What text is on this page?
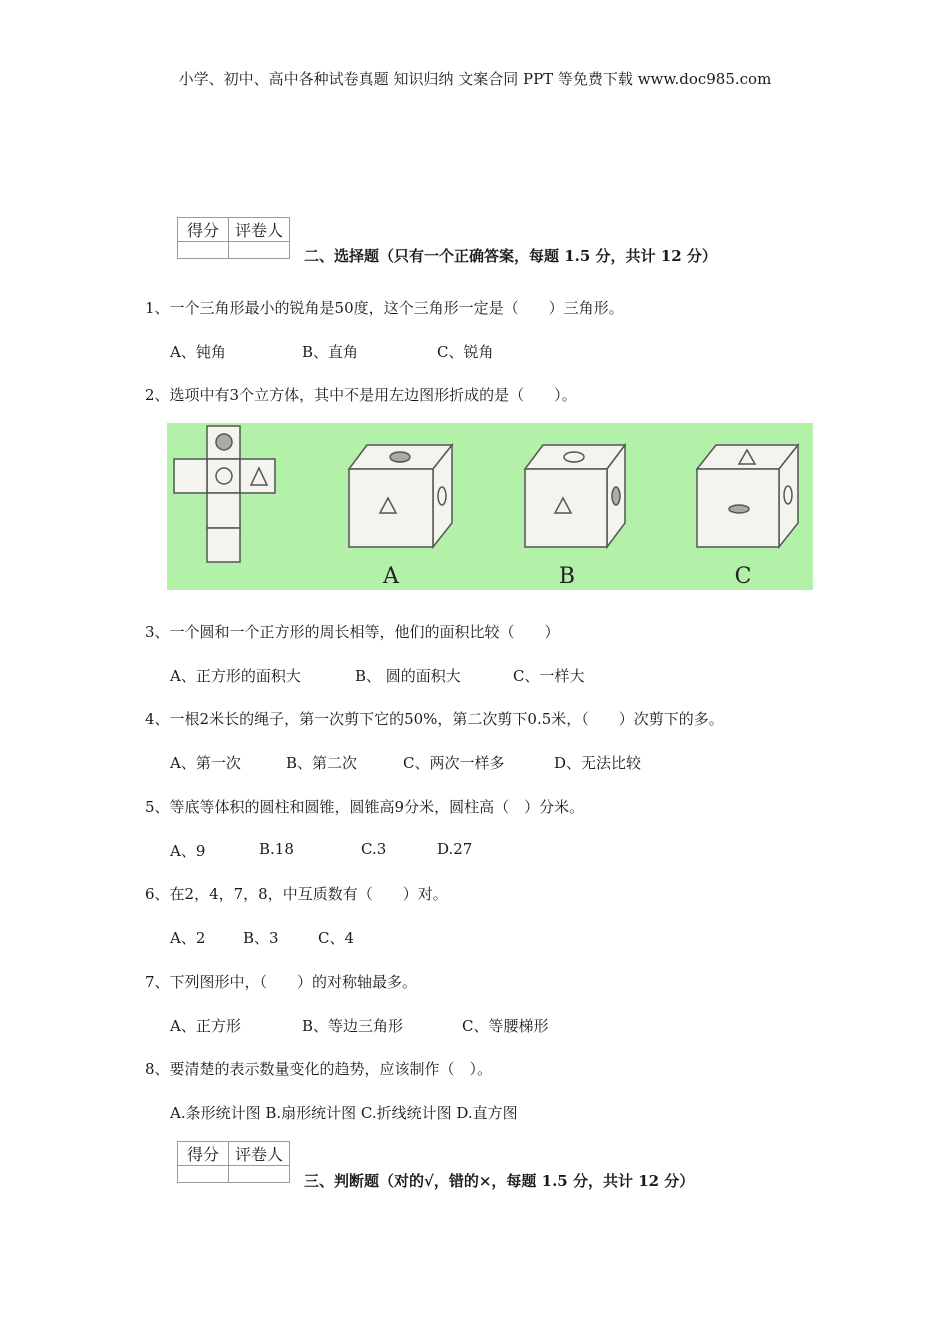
小学、初中、高中各种试卷真题 知识归纳 文案合同 PPT 等免费下载 www.doc985.com
得分	评卷人

二、选择题（只有一个正确答案，每题 1.5 分，共计 12 分）
1、一个三角形最小的锐角是50度，这个三角形一定是（　　）三角形。
A、钝角	B、直角	C、锐角
2、选项中有3个立方体，其中不是用左边图形折成的是（　　）。
A	B	C
3、一个圆和一个正方形的周长相等，他们的面积比较（　　）
A、正方形的面积大	B、 圆的面积大	C、一样大
4、一根2米长的绳子，第一次剪下它的50%，第二次剪下0.5米，（　　）次剪下的多。
A、第一次	B、第二次	C、两次一样多	D、无法比较
5、等底等体积的圆柱和圆锥，圆锥高9分米，圆柱高（　）分米。
A、9	B.18	C.3	D.27
6、在2，4，7，8，中互质数有（　　）对。
A、2	B、3	C、4
7、下列图形中，（　　）的对称轴最多。
A、正方形	B、等边三角形	C、等腰梯形
8、要清楚的表示数量变化的趋势，应该制作（　）。
A.条形统计图 B.扇形统计图 C.折线统计图 D.直方图
得分	评卷人

三、判断题（对的√，错的×，每题 1.5 分，共计 12 分）
